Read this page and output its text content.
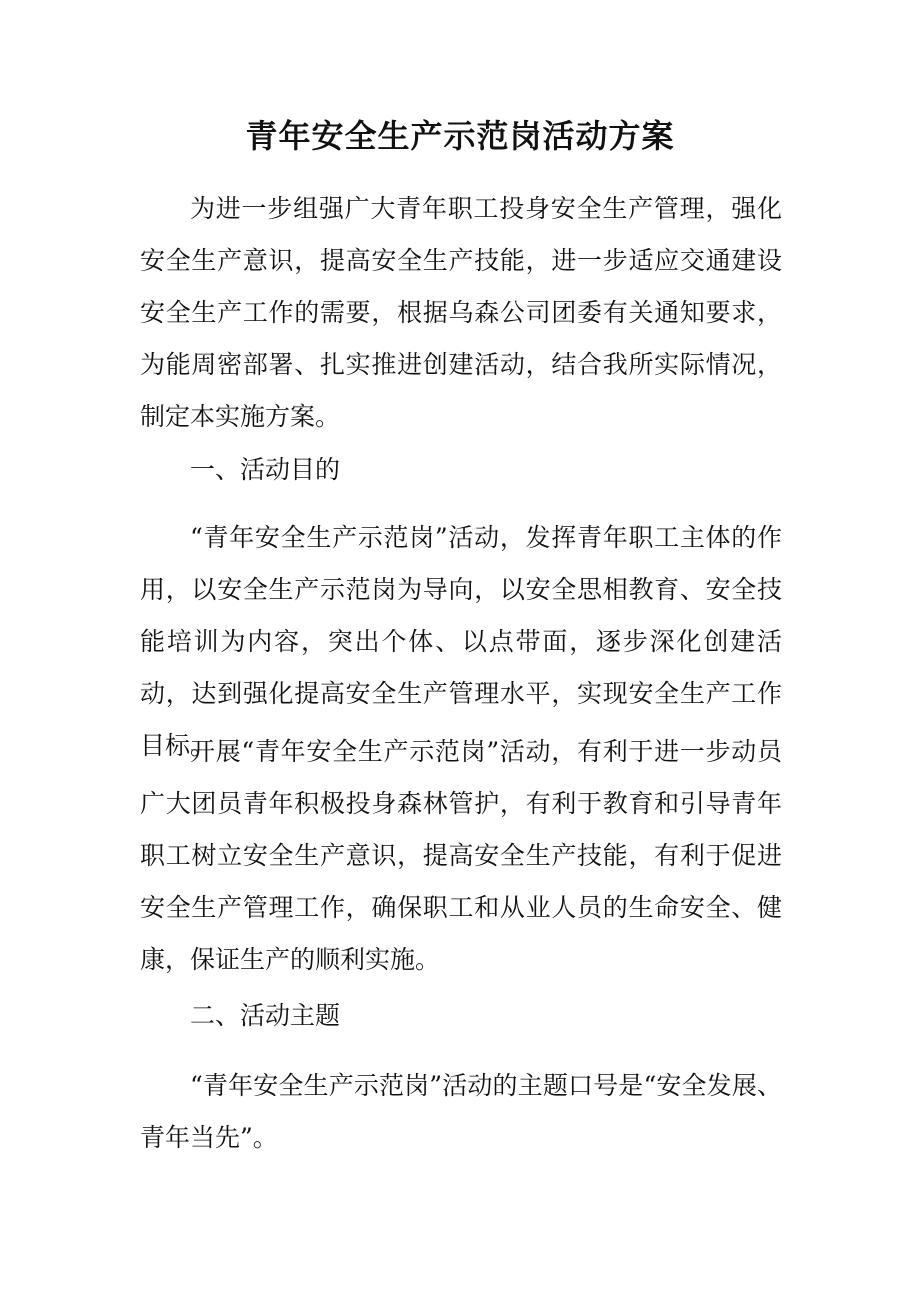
青年安全生产示范岗活动方案
为进一步组强广大青年职工投身安全生产管理，强化安全生产意识，提高安全生产技能，进一步适应交通建设安全生产工作的需要，根据乌森公司团委有关通知要求，为能周密部署、扎实推进创建活动，结合我所实际情况，制定本实施方案。
一、活动目的
“青年安全生产示范岗”活动，发挥青年职工主体的作用，以安全生产示范岗为导向，以安全思相教育、安全技能培训为内容，突出个体、以点带面，逐步深化创建活动，达到强化提高安全生产管理水平，实现安全生产工作目标。
开展“青年安全生产示范岗”活动，有利于进一步动员广大团员青年积极投身森林管护，有利于教育和引导青年职工树立安全生产意识，提高安全生产技能，有利于促进安全生产管理工作，确保职工和从业人员的生命安全、健康，保证生产的顺利实施。
二、活动主题
“青年安全生产示范岗”活动的主题口号是“安全发展、青年当先”。
